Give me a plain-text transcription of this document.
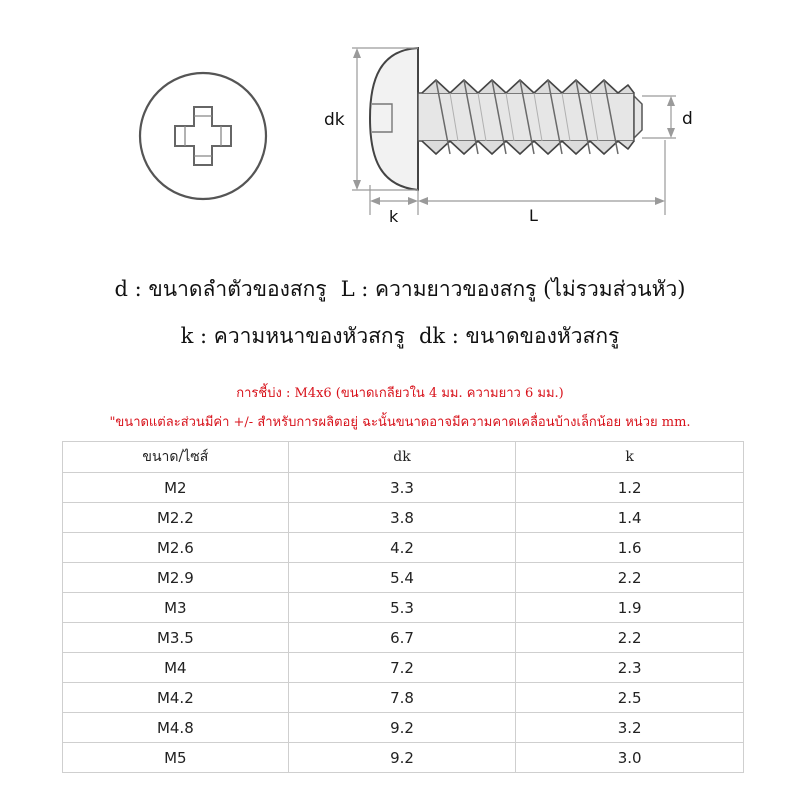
dk	d
k	L
d : ขนาดลำตัวของสกรู L : ความยาวของสกรู (ไม่รวมส่วนหัว)
k : ความหนาของหัวสกรู dk : ขนาดของหัวสกรู
การชี้บ่ง : M4x6 (ขนาดเกลียวใน 4 มม. ความยาว 6 มม.)
"ขนาดแต่ละส่วนมีค่า +/- สำหรับการผลิตอยู่ ฉะนั้นขนาดอาจมีความคาดเคลื่อนบ้างเล็กน้อย หน่วย mm.
ขนาด/ไซส์	dk	k
M2	3.3	1.2
M2.2	3.8	1.4
M2.6	4.2	1.6
M2.9	5.4	2.2
M3	5.3	1.9
M3.5	6.7	2.2
M4	7.2	2.3
M4.2	7.8	2.5
M4.8	9.2	3.2
M5	9.2	3.0
